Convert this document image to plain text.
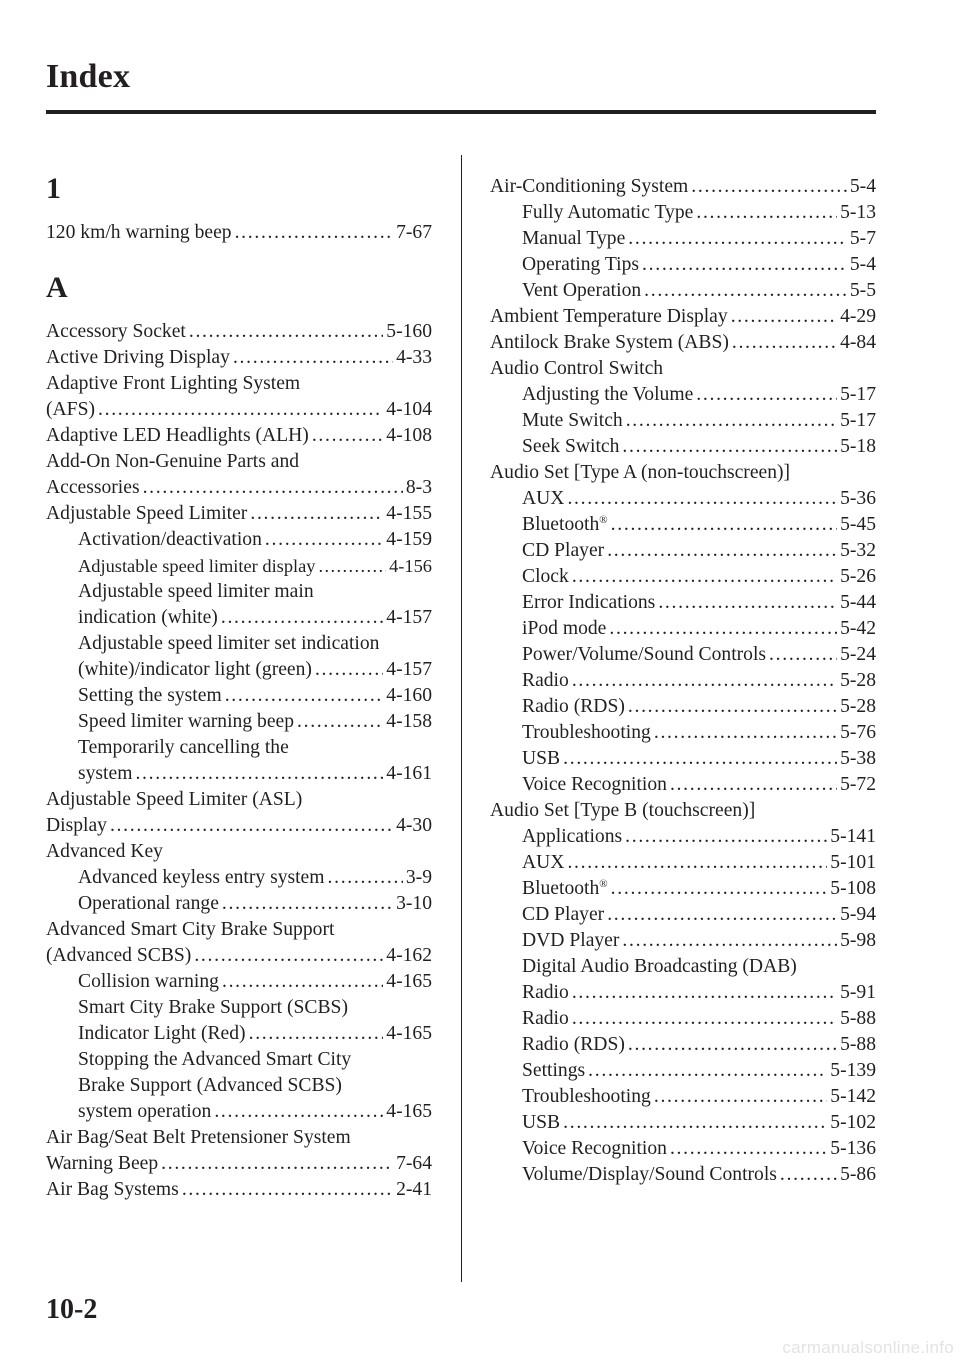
Index
1
120 km/h warning beep . . .	7-67
A
Accessory Socket . . .	5-160
Active Driving Display . . .	4-33
Adaptive Front Lighting System
(AFS) . . .	4-104
Adaptive LED Headlights (ALH) . . .	4-108
Add-On Non-Genuine Parts and
Accessories . . .	8-3
Adjustable Speed Limiter . . .	4-155
Activation/deactivation . . .	4-159
Adjustable speed limiter display . . .	4-156
Adjustable speed limiter main
indication (white) . . .	4-157
Adjustable speed limiter set indication
(white)/indicator light (green) . . .	4-157
Setting the system . . .	4-160
Speed limiter warning beep . . .	4-158
Temporarily cancelling the
system . . .	4-161
Adjustable Speed Limiter (ASL)
Display . . .	4-30
Advanced Key
Advanced keyless entry system . . .	3-9
Operational range . . .	3-10
Advanced Smart City Brake Support
(Advanced SCBS) . . .	4-162
Collision warning . . .	4-165
Smart City Brake Support (SCBS)
Indicator Light (Red) . . .	4-165
Stopping the Advanced Smart City
Brake Support (Advanced SCBS)
system operation . . .	4-165
Air Bag/Seat Belt Pretensioner System
Warning Beep . . .	7-64
Air Bag Systems . . .	2-41
Air-Conditioning System . . .	5-4
Fully Automatic Type . . .	5-13
Manual Type . . .	5-7
Operating Tips . . .	5-4
Vent Operation . . .	5-5
Ambient Temperature Display . . .	4-29
Antilock Brake System (ABS) . . .	4-84
Audio Control Switch
Adjusting the Volume . . .	5-17
Mute Switch . . .	5-17
Seek Switch . . .	5-18
Audio Set [Type A (non-touchscreen)]
AUX . . .	5-36
Bluetooth® . . .	5-45
CD Player . . .	5-32
Clock . . .	5-26
Error Indications . . .	5-44
iPod mode . . .	5-42
Power/Volume/Sound Controls . . .	5-24
Radio . . .	5-28
Radio (RDS) . . .	5-28
Troubleshooting . . .	5-76
USB . . .	5-38
Voice Recognition . . .	5-72
Audio Set [Type B (touchscreen)]
Applications . . .	5-141
AUX . . .	5-101
Bluetooth® . . .	5-108
CD Player . . .	5-94
DVD Player . . .	5-98
Digital Audio Broadcasting (DAB)
Radio . . .	5-91
Radio . . .	5-88
Radio (RDS) . . .	5-88
Settings . . .	5-139
Troubleshooting . . .	5-142
USB . . .	5-102
Voice Recognition . . .	5-136
Volume/Display/Sound Controls . . .	5-86
10-2
carmanualsonline.info
